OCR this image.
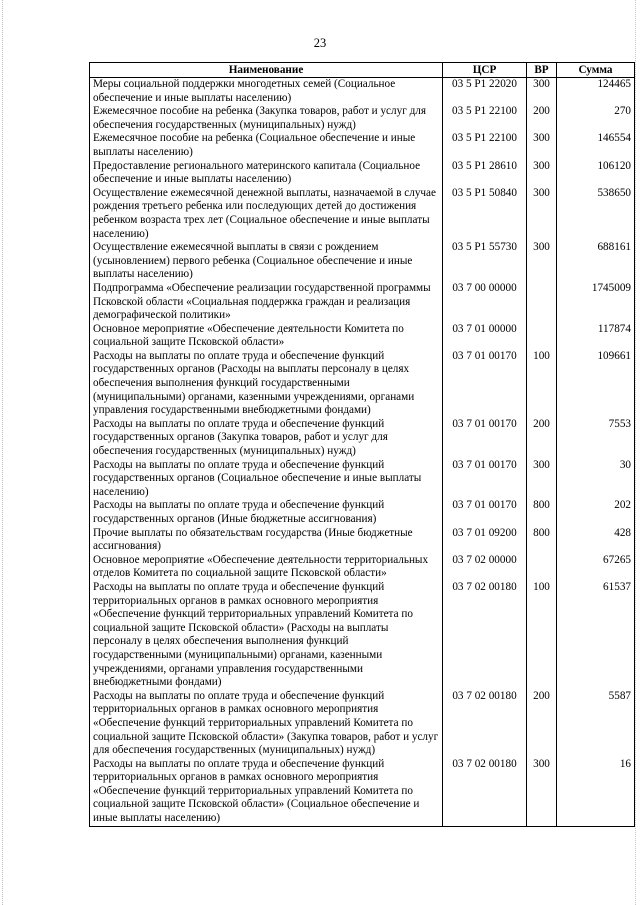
23
Наименование	ЦСР	ВР	Сумма
Меры социальной поддержки многодетных семей (Социальное обеспечение и иные выплаты населению)	03 5 P1 22020	300	124465
Ежемесячное пособие на ребенка (Закупка товаров, работ и услуг для обеспечения государственных (муниципальных) нужд)	03 5 P1 22100	200	270
Ежемесячное пособие на ребенка (Социальное обеспечение и иные выплаты населению)	03 5 P1 22100	300	146554
Предоставление регионального материнского капитала (Социальное обеспечение и иные выплаты населению)	03 5 P1 28610	300	106120
Осуществление ежемесячной денежной выплаты, назначаемой в случае рождения третьего ребенка или последующих детей до достижения ребенком возраста трех лет (Социальное обеспечение и иные выплаты населению)	03 5 P1 50840	300	538650
Осуществление ежемесячной выплаты в связи с рождением (усыновлением) первого ребенка (Социальное обеспечение и иные выплаты населению)	03 5 P1 55730	300	688161
Подпрограмма «Обеспечение реализации государственной программы Псковской области «Социальная поддержка граждан и реализация демографической политики»	03 7 00 00000		1745009
Основное мероприятие «Обеспечение деятельности Комитета по социальной защите Псковской области»	03 7 01 00000		117874
Расходы на выплаты по оплате труда и обеспечение функций государственных органов (Расходы на выплаты персоналу в целях обеспечения выполнения функций государственными (муниципальными) органами, казенными учреждениями, органами управления государственными внебюджетными фондами)	03 7 01 00170	100	109661
Расходы на выплаты по оплате труда и обеспечение функций государственных органов (Закупка товаров, работ и услуг для обеспечения государственных (муниципальных) нужд)	03 7 01 00170	200	7553
Расходы на выплаты по оплате труда и обеспечение функций государственных органов (Социальное обеспечение и иные выплаты населению)	03 7 01 00170	300	30
Расходы на выплаты по оплате труда и обеспечение функций государственных органов (Иные бюджетные ассигнования)	03 7 01 00170	800	202
Прочие выплаты по обязательствам государства (Иные бюджетные ассигнования)	03 7 01 09200	800	428
Основное мероприятие «Обеспечение деятельности территориальных отделов Комитета по социальной защите Псковской области»	03 7 02 00000		67265
Расходы на выплаты по оплате труда и обеспечение функций территориальных органов в рамках основного мероприятия «Обеспечение функций территориальных управлений Комитета по социальной защите Псковской области» (Расходы на выплаты персоналу в целях обеспечения выполнения функций государственными (муниципальными) органами, казенными учреждениями, органами управления государственными внебюджетными фондами)	03 7 02 00180	100	61537
Расходы на выплаты по оплате труда и обеспечение функций территориальных органов в рамках основного мероприятия «Обеспечение функций территориальных управлений Комитета по социальной защите Псковской области» (Закупка товаров, работ и услуг для обеспечения государственных (муниципальных) нужд)	03 7 02 00180	200	5587
Расходы на выплаты по оплате труда и обеспечение функций территориальных органов в рамках основного мероприятия «Обеспечение функций территориальных управлений Комитета по социальной защите Псковской области» (Социальное обеспечение и иные выплаты населению)	03 7 02 00180	300	16
